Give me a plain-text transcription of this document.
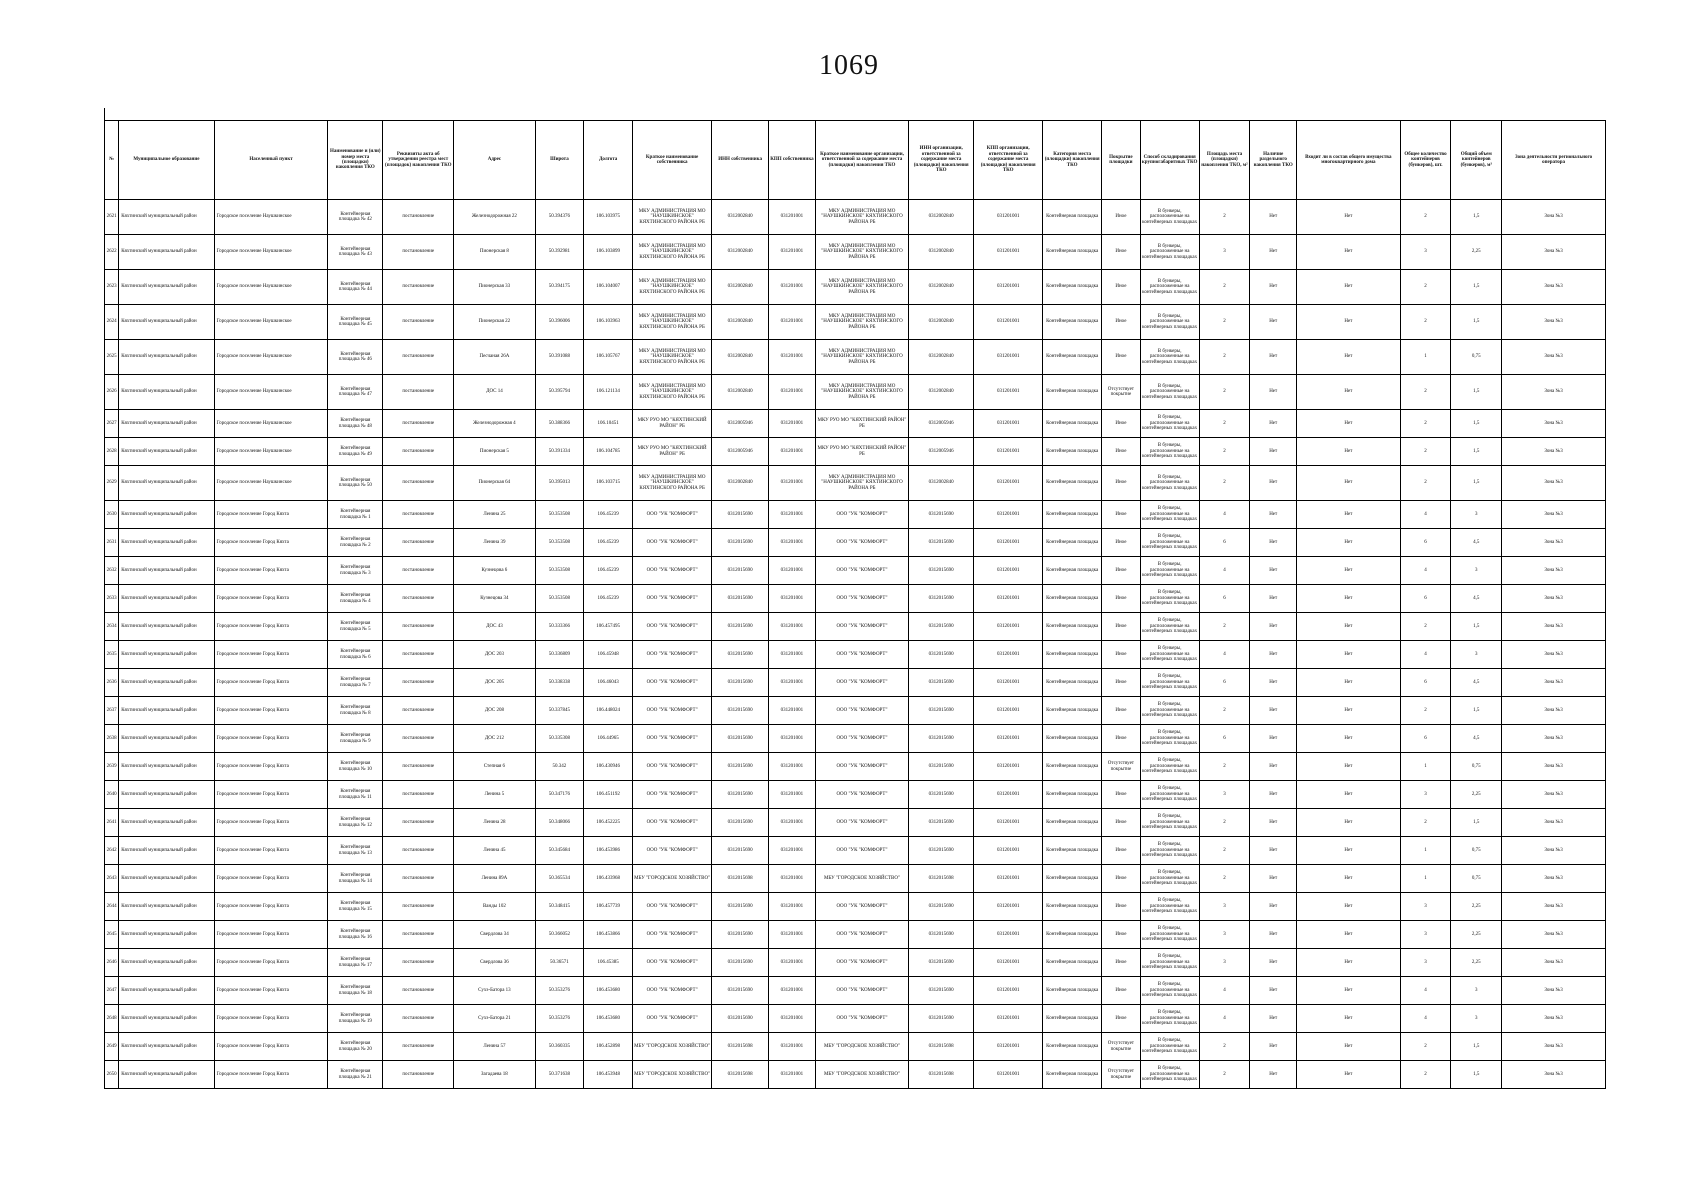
1069
№	Муниципальное образование	Населенный пункт	Наименование и (или) номер места (площадки) накопления ТКО	Реквизиты акта об утверждении реестра мест (площадок) накопления ТКО	Адрес	Широта	Долгота	Краткое наименование собственника	ИНН собственника	КПП собственника	Краткое наименование организации, ответственной за содержание места (площадки) накопления ТКО	ИНН организации, ответственной за содержание места (площадки) накопления ТКО	КПП организации, ответственной за содержание места (площадки) накопления ТКО	Категория места (площадки) накопления ТКО	Покрытие площадки	Способ складирования крупногабаритных ТКО	Площадь места (площадки) накопления ТКО, м²	Наличие раздельного накопления ТКО	Входит ли в состав общего имущества многоквартирного дома	Общее количество контейнеров (бункеров), шт.	Общий объем контейнеров (бункеров), м³	Зона деятельности регионального оператора
2621	Кяхтинский муниципальный район	Городское поселение Наушкинское	Контейнерная площадка № 42	постановление	Железнодорожная 22	50.394376	106.103975	МКУ АДМИНИСТРАЦИЯ МО "НАУШКИНСКОЕ" КЯХТИНСКОГО РАЙОНА РБ	0312002840	031201001	МКУ АДМИНИСТРАЦИЯ МО "НАУШКИНСКОЕ" КЯХТИНСКОГО РАЙОНА РБ	0312002840	031201001	Контейнерная площадка	Иное	В бункеры, расположенные на контейнерных площадках	2	Нет	Нет	2	1,5	Зона №3
2622	Кяхтинский муниципальный район	Городское поселение Наушкинское	Контейнерная площадка № 43	постановление	Пионерская 8	50.392981	106.103899	МКУ АДМИНИСТРАЦИЯ МО "НАУШКИНСКОЕ" КЯХТИНСКОГО РАЙОНА РБ	0312002840	031201001	МКУ АДМИНИСТРАЦИЯ МО "НАУШКИНСКОЕ" КЯХТИНСКОГО РАЙОНА РБ	0312002840	031201001	Контейнерная площадка	Иное	В бункеры, расположенные на контейнерных площадках	3	Нет	Нет	3	2,25	Зона №3
2623	Кяхтинский муниципальный район	Городское поселение Наушкинское	Контейнерная площадка № 44	постановление	Пионерская 33	50.394175	106.104007	МКУ АДМИНИСТРАЦИЯ МО "НАУШКИНСКОЕ" КЯХТИНСКОГО РАЙОНА РБ	0312002840	031201001	МКУ АДМИНИСТРАЦИЯ МО "НАУШКИНСКОЕ" КЯХТИНСКОГО РАЙОНА РБ	0312002840	031201001	Контейнерная площадка	Иное	В бункеры, расположенные на контейнерных площадках	2	Нет	Нет	2	1,5	Зона №3
2624	Кяхтинский муниципальный район	Городское поселение Наушкинское	Контейнерная площадка № 45	постановление	Пионерская 22	50.396006	106.103963	МКУ АДМИНИСТРАЦИЯ МО "НАУШКИНСКОЕ" КЯХТИНСКОГО РАЙОНА РБ	0312002840	031201001	МКУ АДМИНИСТРАЦИЯ МО "НАУШКИНСКОЕ" КЯХТИНСКОГО РАЙОНА РБ	0312002840	031201001	Контейнерная площадка	Иное	В бункеры, расположенные на контейнерных площадках	2	Нет	Нет	2	1,5	Зона №3
2625	Кяхтинский муниципальный район	Городское поселение Наушкинское	Контейнерная площадка № 46	постановление	Песчаная 26А	50.391088	106.105767	МКУ АДМИНИСТРАЦИЯ МО "НАУШКИНСКОЕ" КЯХТИНСКОГО РАЙОНА РБ	0312002840	031201001	МКУ АДМИНИСТРАЦИЯ МО "НАУШКИНСКОЕ" КЯХТИНСКОГО РАЙОНА РБ	0312002840	031201001	Контейнерная площадка	Иное	В бункеры, расположенные на контейнерных площадках	2	Нет	Нет	1	0,75	Зона №3
2626	Кяхтинский муниципальный район	Городское поселение Наушкинское	Контейнерная площадка № 47	постановление	ДОС 14	50.395794	106.121134	МКУ АДМИНИСТРАЦИЯ МО "НАУШКИНСКОЕ" КЯХТИНСКОГО РАЙОНА РБ	0312002840	031201001	МКУ АДМИНИСТРАЦИЯ МО "НАУШКИНСКОЕ" КЯХТИНСКОГО РАЙОНА РБ	0312002840	031201001	Контейнерная площадка	Отсутствует покрытие	В бункеры, расположенные на контейнерных площадках	2	Нет	Нет	2	1,5	Зона №3
2627	Кяхтинский муниципальный район	Городское поселение Наушкинское	Контейнерная площадка № 48	постановление	Железнодорожная 4	50.388366	106.10451	МКУ РУО МО "КЯХТИНСКИЙ РАЙОН" РБ	0312005946	031201001	МКУ РУО МО "КЯХТИНСКИЙ РАЙОН" РБ	0312005946	031201001	Контейнерная площадка	Иное	В бункеры, расположенные на контейнерных площадках	2	Нет	Нет	2	1,5	Зона №3
2628	Кяхтинский муниципальный район	Городское поселение Наушкинское	Контейнерная площадка № 49	постановление	Пионерская 5	50.391334	106.104785	МКУ РУО МО "КЯХТИНСКИЙ РАЙОН" РБ	0312005946	031201001	МКУ РУО МО "КЯХТИНСКИЙ РАЙОН" РБ	0312005946	031201001	Контейнерная площадка	Иное	В бункеры, расположенные на контейнерных площадках	2	Нет	Нет	2	1,5	Зона №3
2629	Кяхтинский муниципальный район	Городское поселение Наушкинское	Контейнерная площадка № 50	постановление	Пионерская 64	50.395013	106.103715	МКУ АДМИНИСТРАЦИЯ МО "НАУШКИНСКОЕ" КЯХТИНСКОГО РАЙОНА РБ	0312002840	031201001	МКУ АДМИНИСТРАЦИЯ МО "НАУШКИНСКОЕ" КЯХТИНСКОГО РАЙОНА РБ	0312002840	031201001	Контейнерная площадка	Иное	В бункеры, расположенные на контейнерных площадках	2	Нет	Нет	2	1,5	Зона №3
2630	Кяхтинский муниципальный район	Городское поселение Город Кяхта	Контейнерная площадка № 1	постановление	Ленина 25	50.353508	106.45239	ООО "УК "КОМФОРТ"	0312015690	031201001	ООО "УК "КОМФОРТ"	0312015690	031201001	Контейнерная площадка	Иное	В бункеры, расположенные на контейнерных площадках	4	Нет	Нет	4	3	Зона №3
2631	Кяхтинский муниципальный район	Городское поселение Город Кяхта	Контейнерная площадка № 2	постановление	Ленина 39	50.353508	106.45239	ООО "УК "КОМФОРТ"	0312015690	031201001	ООО "УК "КОМФОРТ"	0312015690	031201001	Контейнерная площадка	Иное	В бункеры, расположенные на контейнерных площадках	6	Нет	Нет	6	4,5	Зона №3
2632	Кяхтинский муниципальный район	Городское поселение Город Кяхта	Контейнерная площадка № 3	постановление	Кузнецова 6	50.353508	106.45239	ООО "УК "КОМФОРТ"	0312015690	031201001	ООО "УК "КОМФОРТ"	0312015690	031201001	Контейнерная площадка	Иное	В бункеры, расположенные на контейнерных площадках	4	Нет	Нет	4	3	Зона №3
2633	Кяхтинский муниципальный район	Городское поселение Город Кяхта	Контейнерная площадка № 4	постановление	Кузнецова 34	50.353508	106.45239	ООО "УК "КОМФОРТ"	0312015690	031201001	ООО "УК "КОМФОРТ"	0312015690	031201001	Контейнерная площадка	Иное	В бункеры, расположенные на контейнерных площадках	6	Нет	Нет	6	4,5	Зона №3
2634	Кяхтинский муниципальный район	Городское поселение Город Кяхта	Контейнерная площадка № 5	постановление	ДОС 43	50.333366	106.457495	ООО "УК "КОМФОРТ"	0312015690	031201001	ООО "УК "КОМФОРТ"	0312015690	031201001	Контейнерная площадка	Иное	В бункеры, расположенные на контейнерных площадках	2	Нет	Нет	2	1,5	Зона №3
2635	Кяхтинский муниципальный район	Городское поселение Город Кяхта	Контейнерная площадка № 6	постановление	ДОС 203	50.336809	106.45948	ООО "УК "КОМФОРТ"	0312015690	031201001	ООО "УК "КОМФОРТ"	0312015690	031201001	Контейнерная площадка	Иное	В бункеры, расположенные на контейнерных площадках	4	Нет	Нет	4	3	Зона №3
2636	Кяхтинский муниципальный район	Городское поселение Город Кяхта	Контейнерная площадка № 7	постановление	ДОС 205	50.338338	106.46043	ООО "УК "КОМФОРТ"	0312015690	031201001	ООО "УК "КОМФОРТ"	0312015690	031201001	Контейнерная площадка	Иное	В бункеры, расположенные на контейнерных площадках	6	Нет	Нет	6	4,5	Зона №3
2637	Кяхтинский муниципальный район	Городское поселение Город Кяхта	Контейнерная площадка № 8	постановление	ДОС 208	50.337845	106.448024	ООО "УК "КОМФОРТ"	0312015690	031201001	ООО "УК "КОМФОРТ"	0312015690	031201001	Контейнерная площадка	Иное	В бункеры, расположенные на контейнерных площадках	2	Нет	Нет	2	1,5	Зона №3
2638	Кяхтинский муниципальный район	Городское поселение Город Кяхта	Контейнерная площадка № 9	постановление	ДОС 212	50.335308	106.44965	ООО "УК "КОМФОРТ"	0312015690	031201001	ООО "УК "КОМФОРТ"	0312015690	031201001	Контейнерная площадка	Иное	В бункеры, расположенные на контейнерных площадках	6	Нет	Нет	6	4,5	Зона №3
2639	Кяхтинский муниципальный район	Городское поселение Город Кяхта	Контейнерная площадка № 10	постановление	Степная 6	50.342	106.430946	ООО "УК "КОМФОРТ"	0312015690	031201001	ООО "УК "КОМФОРТ"	0312015690	031201001	Контейнерная площадка	Отсутствует покрытие	В бункеры, расположенные на контейнерных площадках	2	Нет	Нет	1	0,75	Зона №3
2640	Кяхтинский муниципальный район	Городское поселение Город Кяхта	Контейнерная площадка № 11	постановление	Ленина 5	50.347176	106.451192	ООО "УК "КОМФОРТ"	0312015690	031201001	ООО "УК "КОМФОРТ"	0312015690	031201001	Контейнерная площадка	Иное	В бункеры, расположенные на контейнерных площадках	3	Нет	Нет	3	2,25	Зона №3
2641	Кяхтинский муниципальный район	Городское поселение Город Кяхта	Контейнерная площадка № 12	постановление	Ленина 28	50.348066	106.452225	ООО "УК "КОМФОРТ"	0312015690	031201001	ООО "УК "КОМФОРТ"	0312015690	031201001	Контейнерная площадка	Иное	В бункеры, расположенные на контейнерных площадках	2	Нет	Нет	2	1,5	Зона №3
2642	Кяхтинский муниципальный район	Городское поселение Город Кяхта	Контейнерная площадка № 13	постановление	Ленина 45	50.345684	106.453986	ООО "УК "КОМФОРТ"	0312015690	031201001	ООО "УК "КОМФОРТ"	0312015690	031201001	Контейнерная площадка	Иное	В бункеры, расположенные на контейнерных площадках	2	Нет	Нет	1	0,75	Зона №3
2643	Кяхтинский муниципальный район	Городское поселение Город Кяхта	Контейнерная площадка № 14	постановление	Ленина 89А	50.365534	106.433968	МБУ "ГОРОДСКОЕ ХОЗЯЙСТВО"	0312015698	031201001	МБУ "ГОРОДСКОЕ ХОЗЯЙСТВО"	0312015698	031201001	Контейнерная площадка	Иное	В бункеры, расположенные на контейнерных площадках	2	Нет	Нет	1	0,75	Зона №3
2644	Кяхтинский муниципальный район	Городское поселение Город Кяхта	Контейнерная площадка № 15	постановление	Ванды 102	50.348415	106.457739	ООО "УК "КОМФОРТ"	0312015690	031201001	ООО "УК "КОМФОРТ"	0312015690	031201001	Контейнерная площадка	Иное	В бункеры, расположенные на контейнерных площадках	3	Нет	Нет	3	2,25	Зона №3
2645	Кяхтинский муниципальный район	Городское поселение Город Кяхта	Контейнерная площадка № 16	постановление	Свердлова 34	50.366052	106.453866	ООО "УК "КОМФОРТ"	0312015690	031201001	ООО "УК "КОМФОРТ"	0312015690	031201001	Контейнерная площадка	Иное	В бункеры, расположенные на контейнерных площадках	3	Нет	Нет	3	2,25	Зона №3
2646	Кяхтинский муниципальный район	Городское поселение Город Кяхта	Контейнерная площадка № 17	постановление	Свердлова 36	50.36571	106.45385	ООО "УК "КОМФОРТ"	0312015690	031201001	ООО "УК "КОМФОРТ"	0312015690	031201001	Контейнерная площадка	Иное	В бункеры, расположенные на контейнерных площадках	3	Нет	Нет	3	2,25	Зона №3
2647	Кяхтинский муниципальный район	Городское поселение Город Кяхта	Контейнерная площадка № 18	постановление	Сухэ-Батора 13	50.353276	106.453680	ООО "УК "КОМФОРТ"	0312015690	031201001	ООО "УК "КОМФОРТ"	0312015690	031201001	Контейнерная площадка	Иное	В бункеры, расположенные на контейнерных площадках	4	Нет	Нет	4	3	Зона №3
2648	Кяхтинский муниципальный район	Городское поселение Город Кяхта	Контейнерная площадка № 19	постановление	Сухэ-Батора 21	50.353276	106.453680	ООО "УК "КОМФОРТ"	0312015690	031201001	ООО "УК "КОМФОРТ"	0312015690	031201001	Контейнерная площадка	Иное	В бункеры, расположенные на контейнерных площадках	4	Нет	Нет	4	3	Зона №3
2649	Кяхтинский муниципальный район	Городское поселение Город Кяхта	Контейнерная площадка № 20	постановление	Ленина 57	50.360335	106.452898	МБУ "ГОРОДСКОЕ ХОЗЯЙСТВО"	0312015698	031201001	МБУ "ГОРОДСКОЕ ХОЗЯЙСТВО"	0312015698	031201001	Контейнерная площадка	Отсутствует покрытие	В бункеры, расположенные на контейнерных площадках	2	Нет	Нет	2	1,5	Зона №3
2650	Кяхтинский муниципальный район	Городское поселение Город Кяхта	Контейнерная площадка № 21	постановление	Загадаева 18	50.371638	106.453948	МБУ "ГОРОДСКОЕ ХОЗЯЙСТВО"	0312015698	031201001	МБУ "ГОРОДСКОЕ ХОЗЯЙСТВО"	0312015698	031201001	Контейнерная площадка	Отсутствует покрытие	В бункеры, расположенные на контейнерных площадках	2	Нет	Нет	2	1,5	Зона №3
